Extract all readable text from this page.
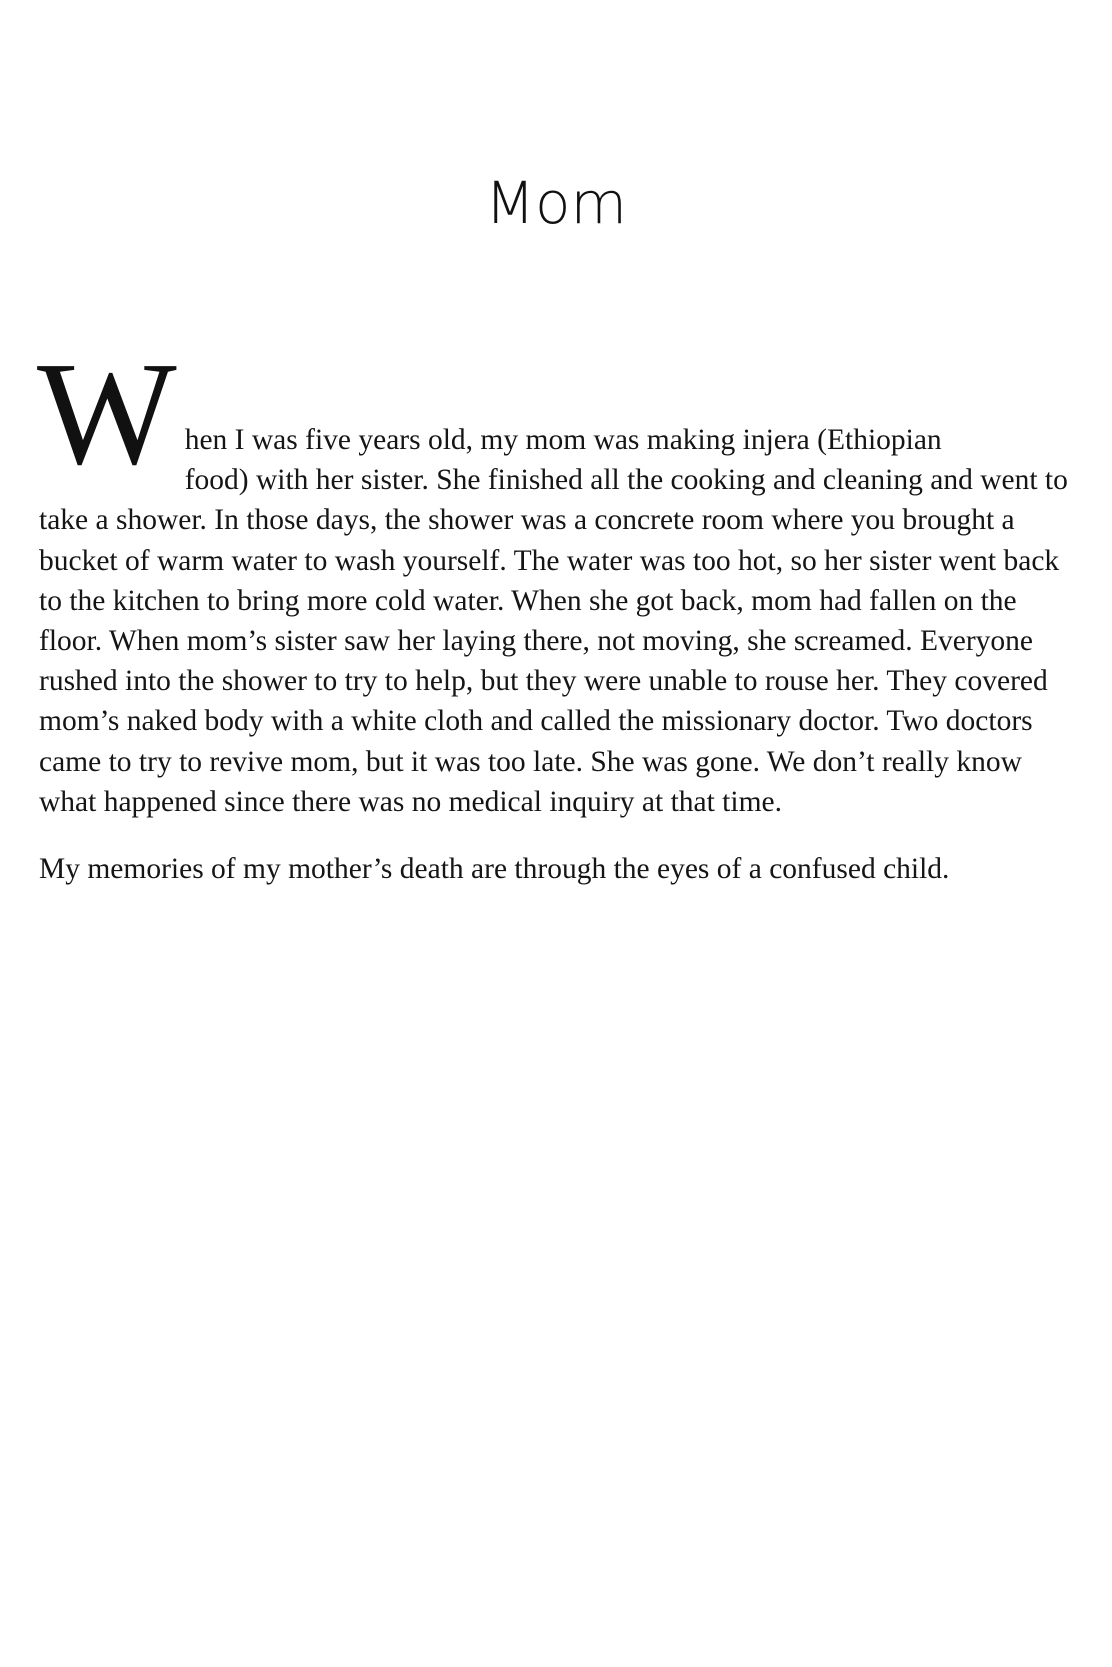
Mom

W hen I was five years old, my mom was making injera (Ethiopian
food) with her sister. She finished all the cooking and cleaning and went to take a shower. In those days, the shower was a concrete room where you brought a bucket of warm water to wash yourself. The water was too hot, so her sister went back to the kitchen to bring more cold water. When she got back, mom had fallen on the floor. When mom’s sister saw her laying there, not moving, she screamed. Everyone rushed into the shower to try to help, but they were unable to rouse her. They covered mom’s naked body with a white cloth and called the missionary doctor. Two doctors came to try to revive mom, but it was too late. She was gone. We don’t really know what happened since there was no medical inquiry at that time.

My memories of my mother’s death are through the eyes of a confused child.
